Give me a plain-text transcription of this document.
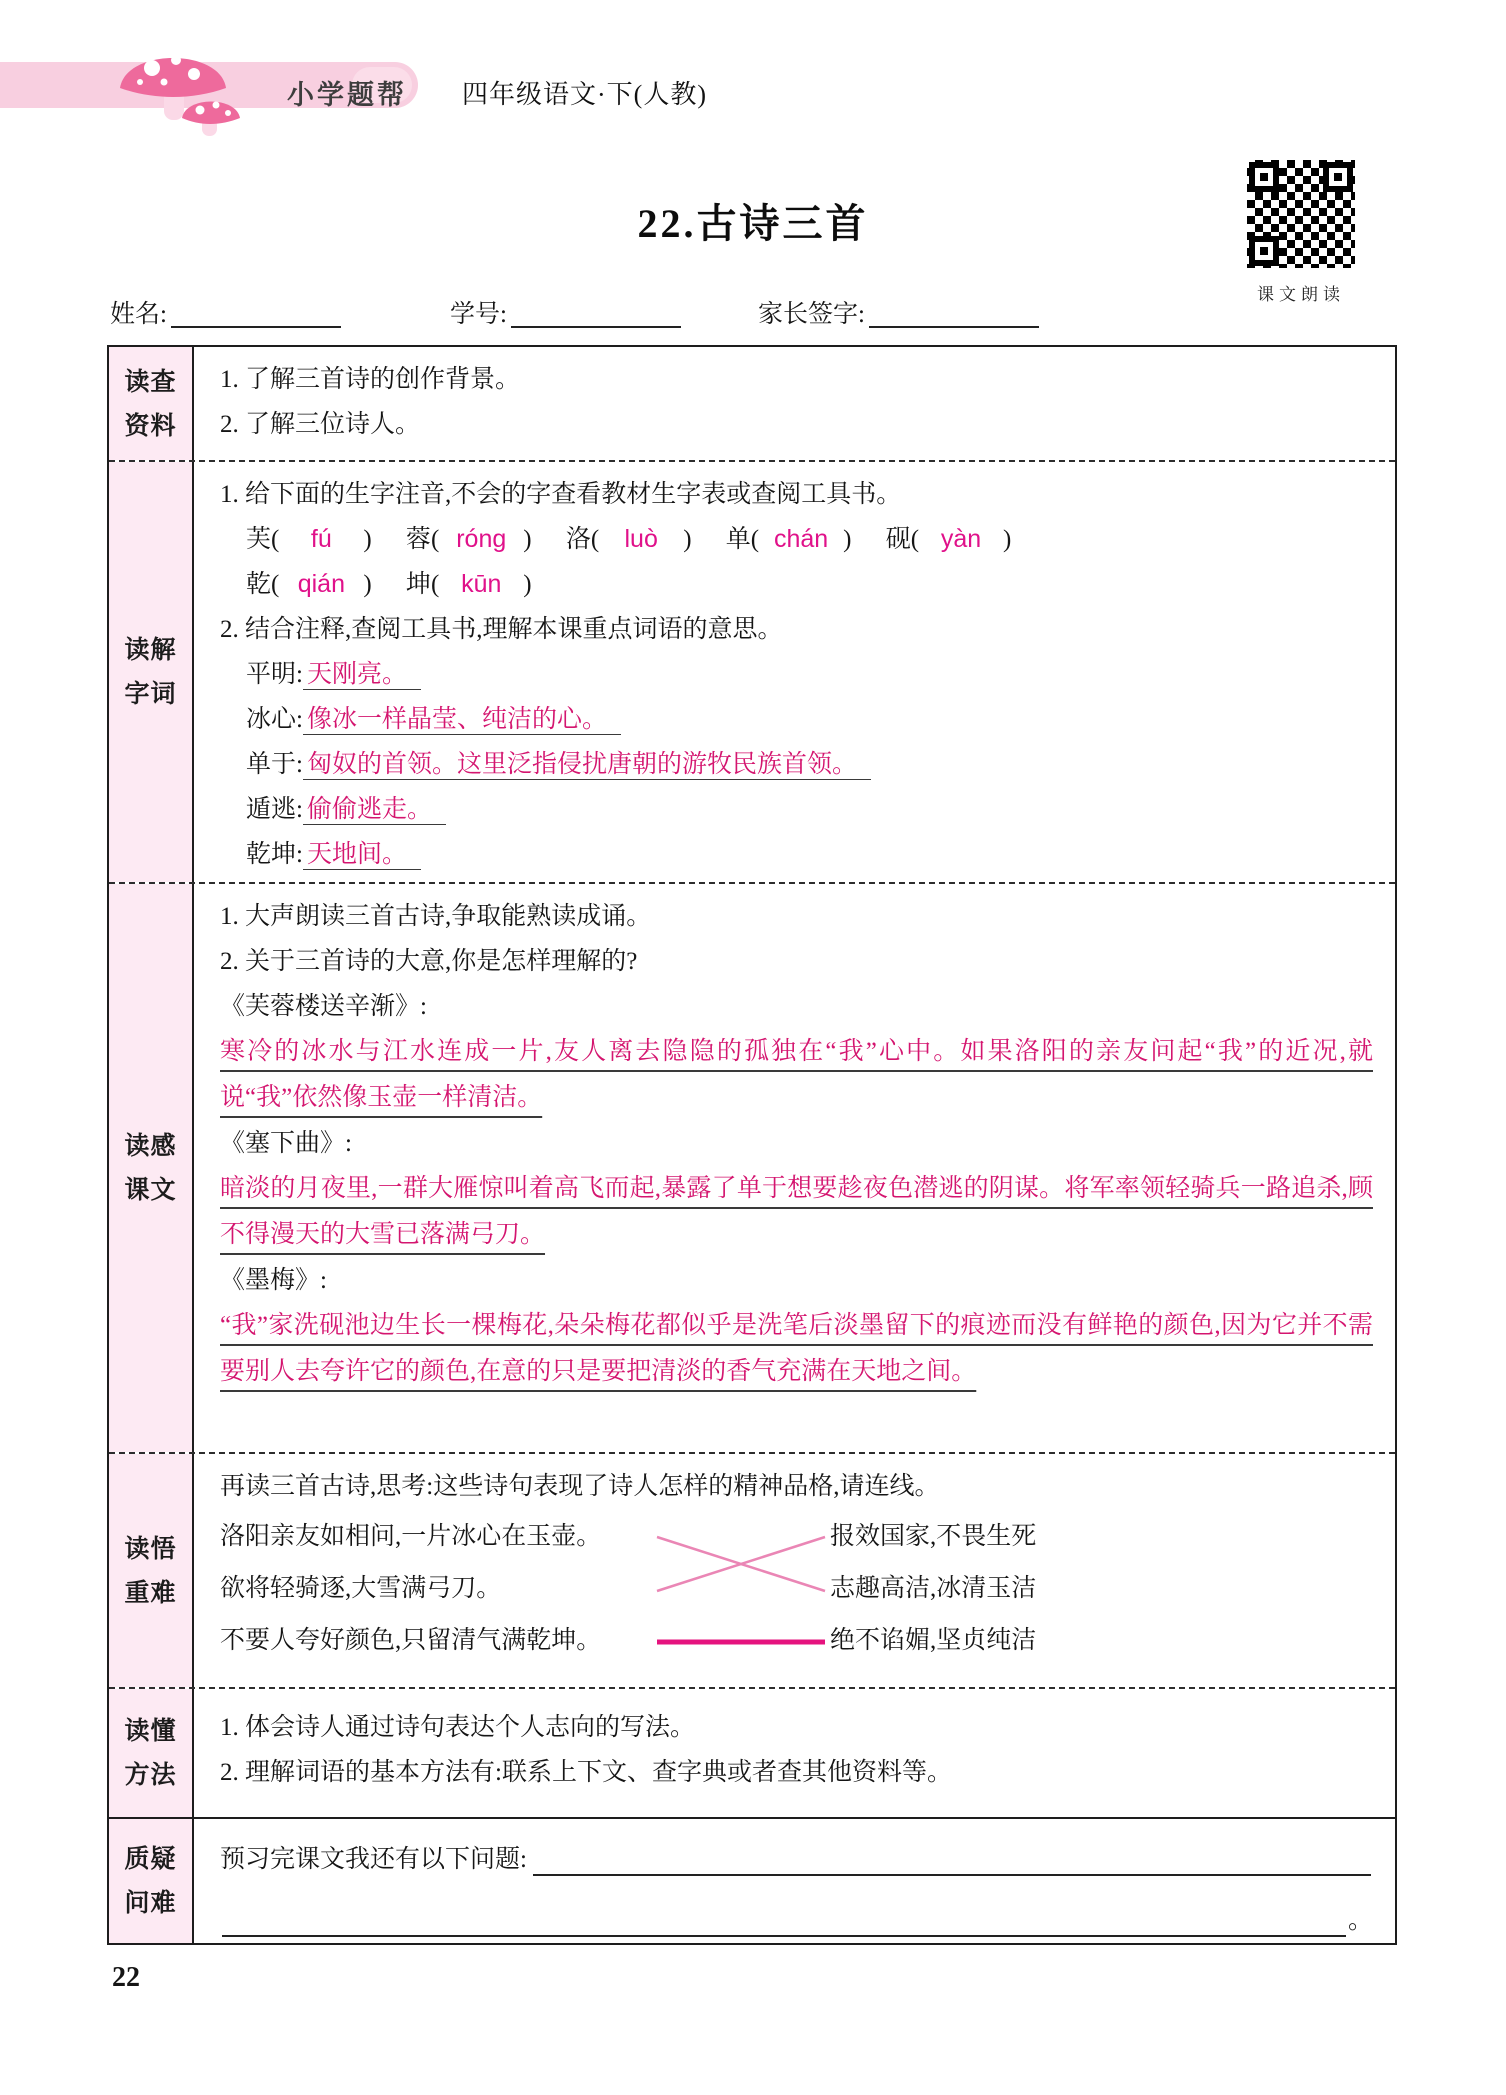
小学题帮 四年级语文·下(人教)
22.古诗三首
课文朗读
姓名:	学号:	家长签字:
读查
资料
1. 了解三首诗的创作背景。
2. 了解三位诗人。
读解
字词
1. 给下面的生字注音,不会的字查看教材生字表或查阅工具书。
芙( fú ) 蓉( róng ) 洛( luò ) 单( chán ) 砚( yàn )
乾( qián ) 坤( kūn )
2. 结合注释,查阅工具书,理解本课重点词语的意思。
平明: 天刚亮。
冰心: 像冰一样晶莹、纯洁的心。
单于: 匈奴的首领。这里泛指侵扰唐朝的游牧民族首领。
遁逃: 偷偷逃走。
乾坤: 天地间。
读感
课文
1. 大声朗读三首古诗,争取能熟读成诵。
2. 关于三首诗的大意,你是怎样理解的?
《芙蓉楼送辛渐》:
寒冷的冰水与江水连成一片,友人离去隐隐的孤独在“我”心中。如果洛阳的亲友问起“我”的近况,就说“我”依然像玉壶一样清洁。
《塞下曲》:
暗淡的月夜里,一群大雁惊叫着高飞而起,暴露了单于想要趁夜色潜逃的阴谋。将军率领轻骑兵一路追杀,顾不得漫天的大雪已落满弓刀。
《墨梅》:
“我”家洗砚池边生长一棵梅花,朵朵梅花都似乎是洗笔后淡墨留下的痕迹而没有鲜艳的颜色,因为它并不需要别人去夸许它的颜色,在意的只是要把清淡的香气充满在天地之间。
读悟
重难
再读三首古诗,思考:这些诗句表现了诗人怎样的精神品格,请连线。
洛阳亲友如相问,一片冰心在玉壶。
欲将轻骑逐,大雪满弓刀。
不要人夸好颜色,只留清气满乾坤。
报效国家,不畏生死
志趣高洁,冰清玉洁
绝不谄媚,坚贞纯洁
读懂
方法
1. 体会诗人通过诗句表达个人志向的写法。
2. 理解词语的基本方法有:联系上下文、查字典或者查其他资料等。
质疑
问难
预习完课文我还有以下问题:
。
22
